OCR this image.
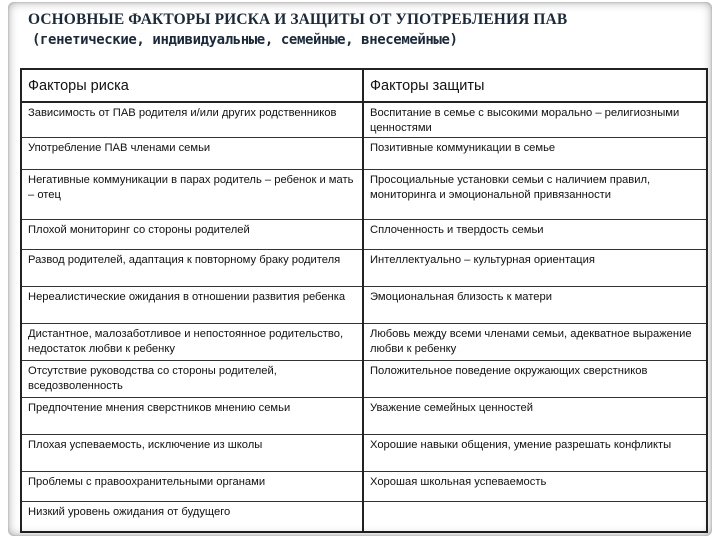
ОСНОВНЫЕ ФАКТОРЫ РИСКА И ЗАЩИТЫ ОТ УПОТРЕБЛЕНИЯ ПАВ
(генетические, индивидуальные, семейные, внесемейные)
Факторы риска	Факторы защиты
Зависимость от ПАВ родителя и/или других родственников	Воспитание в семье с высокими морально – религиозными ценностями
Употребление ПАВ членами семьи	Позитивные коммуникации в семье
Негативные коммуникации в парах родитель – ребенок и мать – отец	Просоциальные установки семьи с наличием правил, мониторинга и эмоциональной привязанности
Плохой мониторинг со стороны родителей	Сплоченность и твердость семьи
Развод родителей, адаптация к повторному браку родителя	Интеллектуально – культурная ориентация
Нереалистические ожидания в отношении развития ребенка	Эмоциональная близость к матери
Дистантное, малозаботливое и непостоянное родительство, недостаток любви к ребенку	Любовь между всеми членами семьи, адекватное выражение любви к ребенку
Отсутствие руководства со стороны родителей, вседозволенность	Положительное поведение окружающих сверстников
Предпочтение мнения сверстников мнению семьи	Уважение семейных ценностей
Плохая успеваемость, исключение из школы	Хорошие навыки общения, умение разрешать конфликты
Проблемы с правоохранительными органами	Хорошая школьная успеваемость
Низкий уровень ожидания от будущего	
